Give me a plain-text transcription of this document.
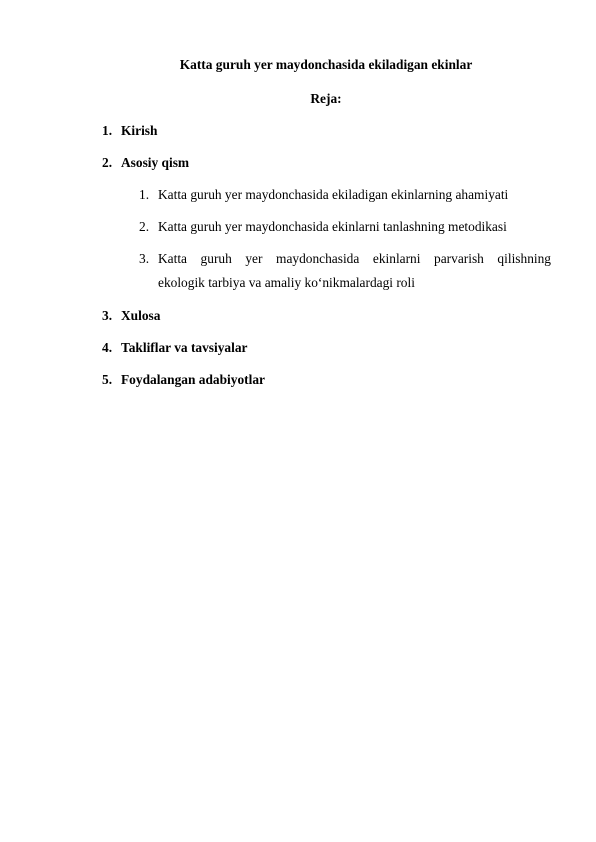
Katta guruh yer maydonchasida ekiladigan ekinlar

Reja:

1. Kirish
2. Asosiy qism
1. Katta guruh yer maydonchasida ekiladigan ekinlarning ahamiyati
2. Katta guruh yer maydonchasida ekinlarni tanlashning metodikasi
3. Katta guruh yer maydonchasida ekinlarni parvarish qilishning
ekologik tarbiya va amaliy ko‘nikmalardagi roli
3. Xulosa
4. Takliflar va tavsiyalar
5. Foydalangan adabiyotlar
